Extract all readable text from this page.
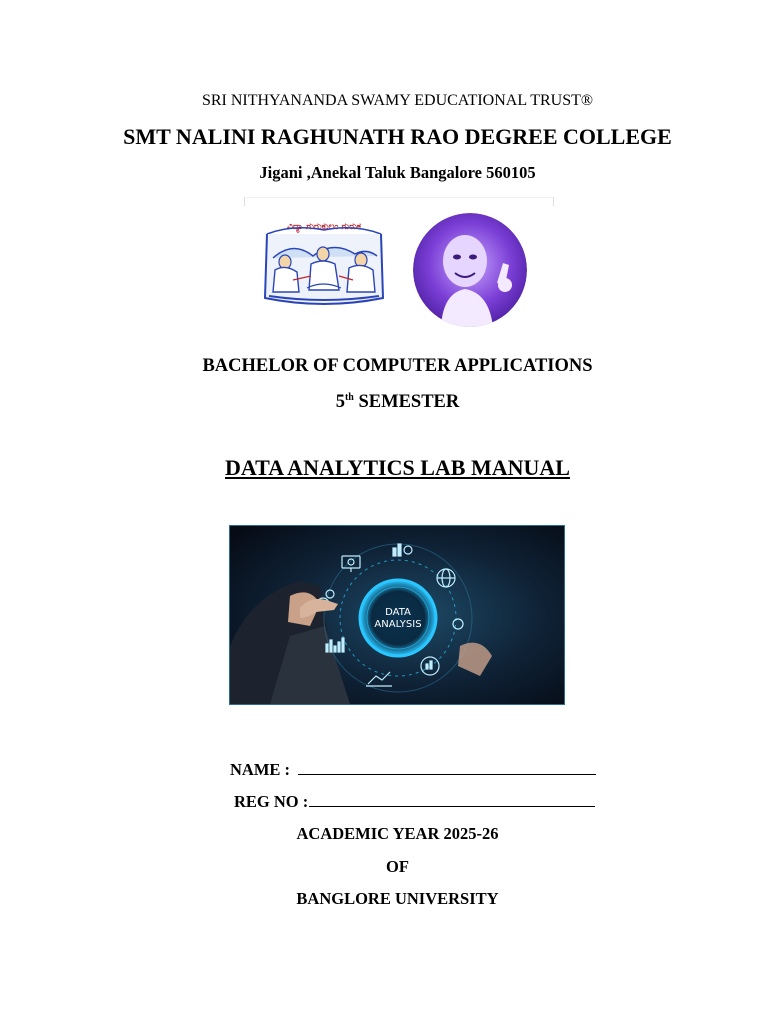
SRI NITHYANANDA SWAMY EDUCATIONAL TRUST®
SMT NALINI RAGHUNATH RAO DEGREE COLLEGE
Jigani ,Anekal Taluk Bangalore 560105
ವಿದ್ಯಾ ಗುರುಕುಲಂ ಗುರುಕ
BACHELOR OF COMPUTER APPLICATIONS
5th SEMESTER
DATA ANALYTICS LAB MANUAL
DATA
ANALYSIS
NAME :
REG NO :
ACADEMIC YEAR 2025-26
OF
BANGLORE UNIVERSITY
